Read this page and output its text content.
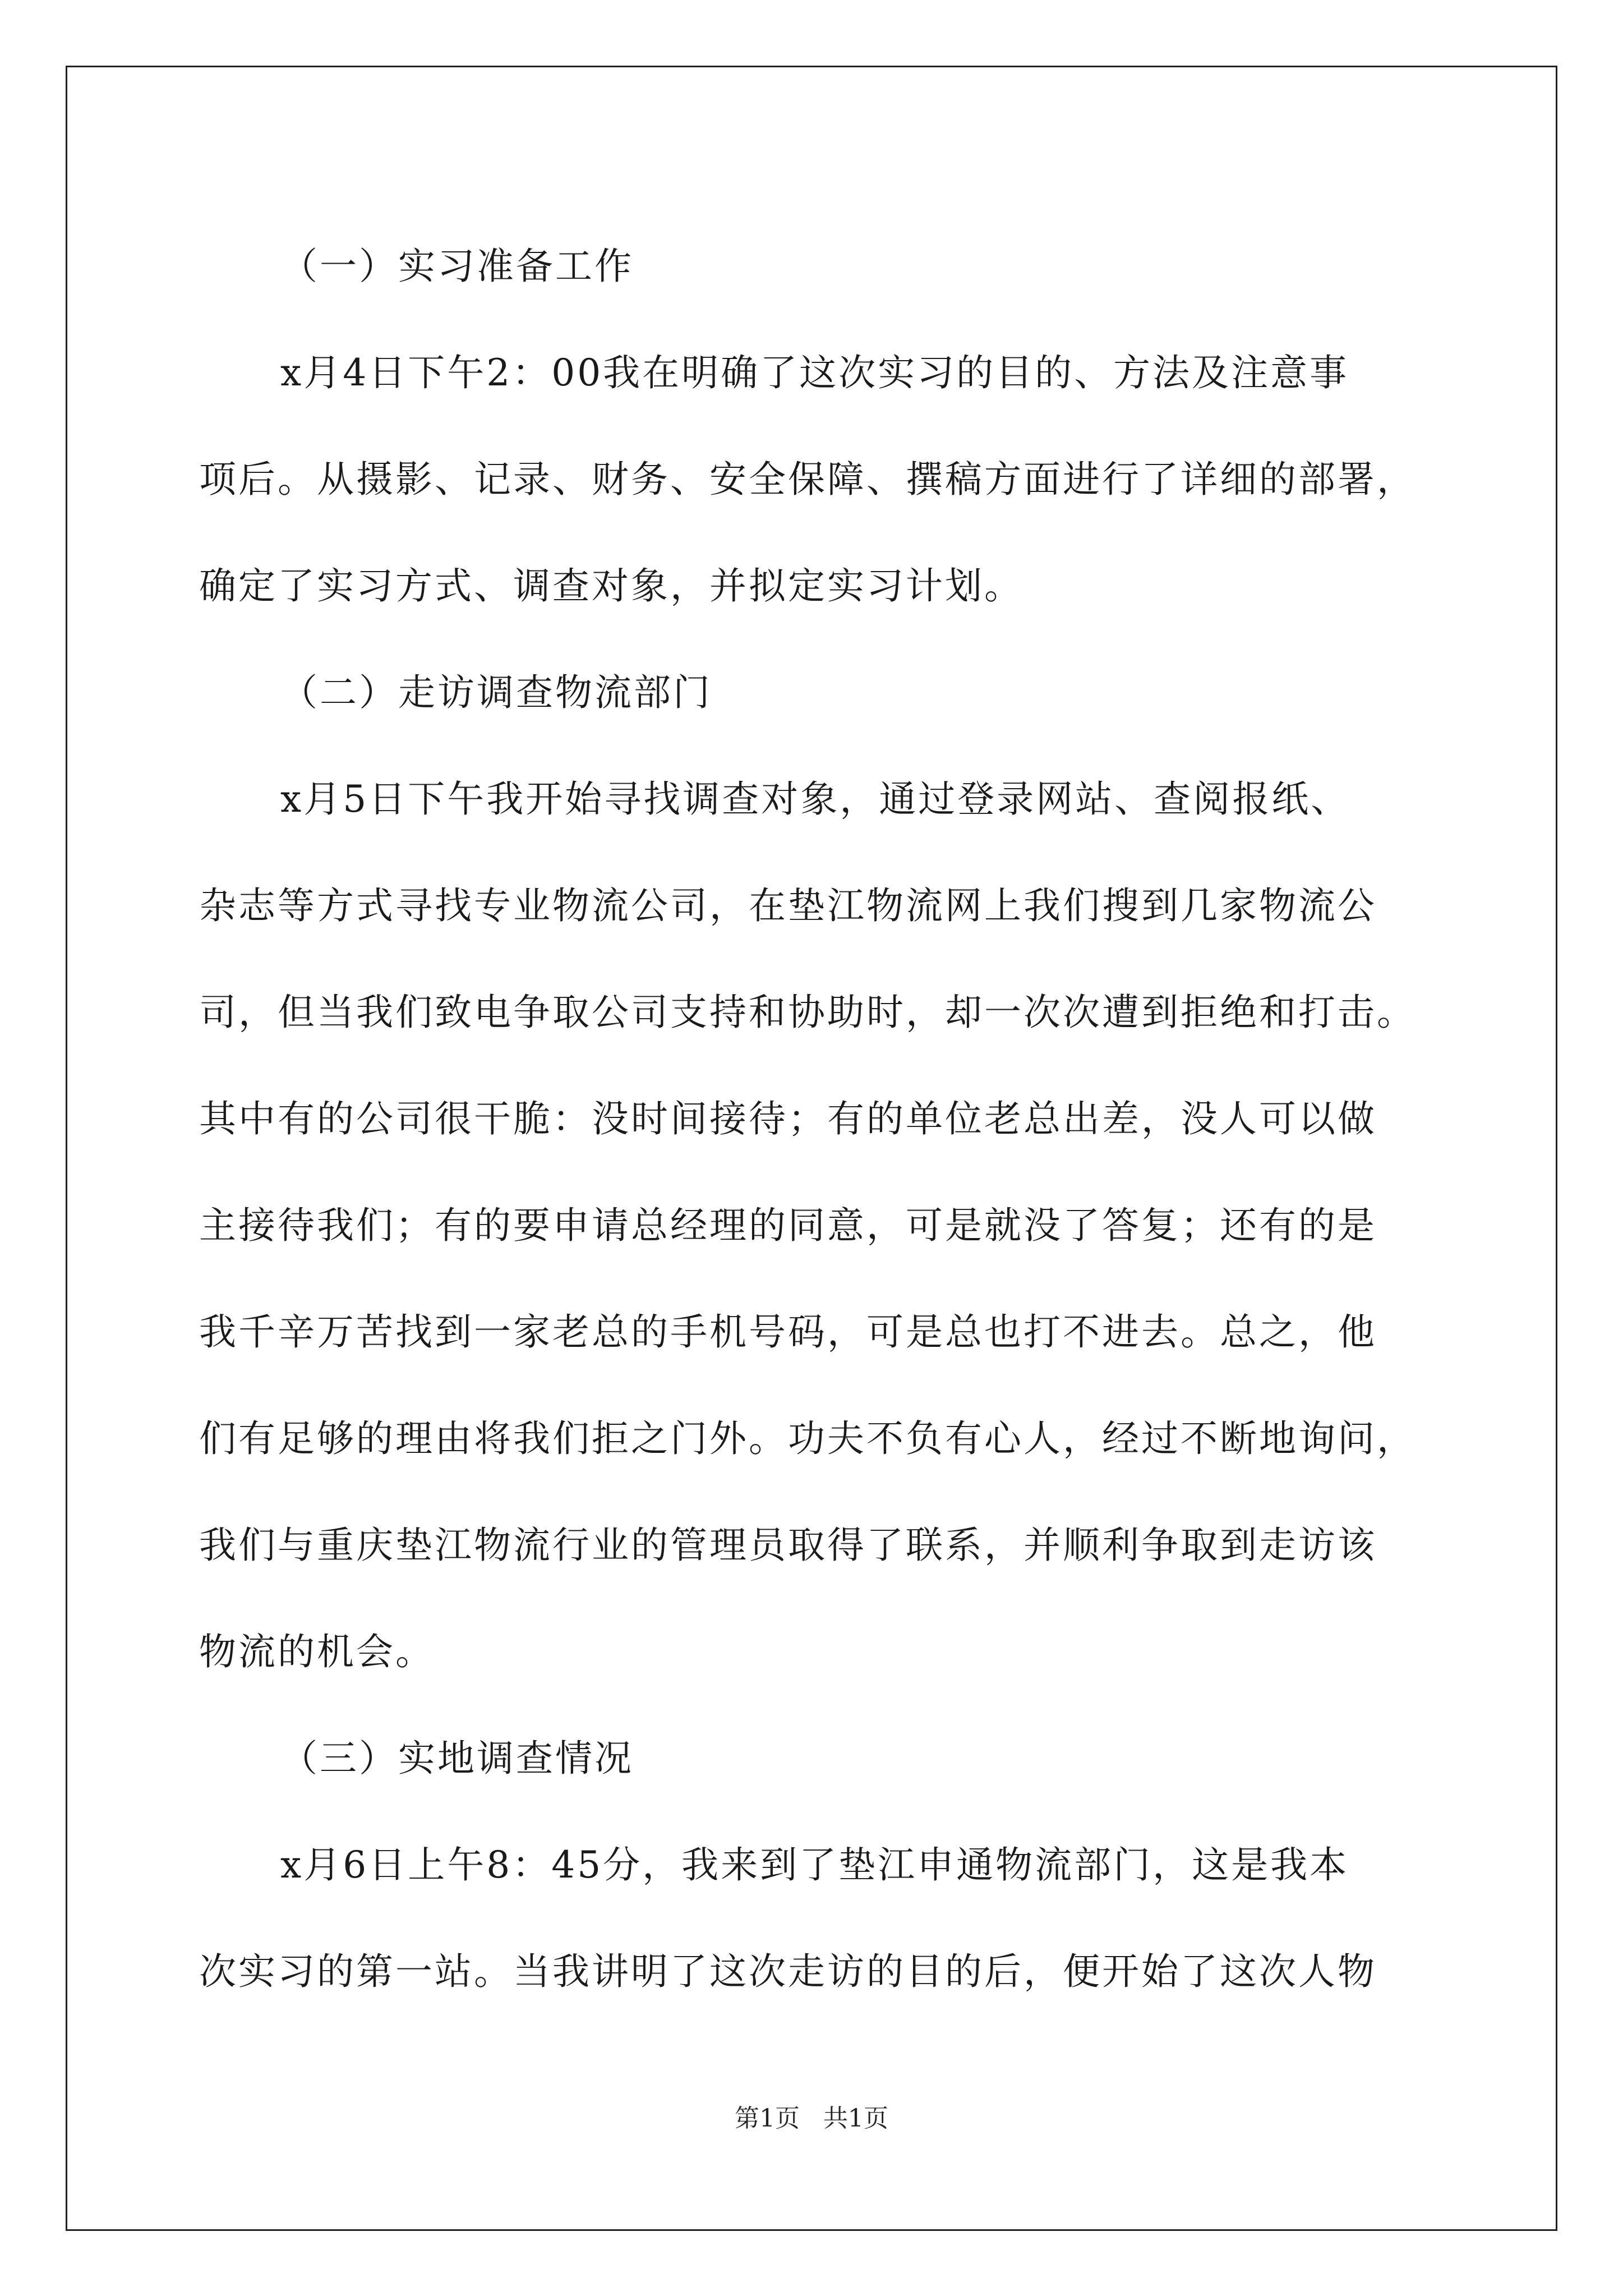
（一）实习准备工作
x月4日下午2：00我在明确了这次实习的目的、方法及注意事
项后。从摄影、记录、财务、安全保障、撰稿方面进行了详细的部署，
确定了实习方式、调查对象，并拟定实习计划。
（二）走访调查物流部门
x月5日下午我开始寻找调查对象，通过登录网站、查阅报纸、
杂志等方式寻找专业物流公司，在垫江物流网上我们搜到几家物流公
司，但当我们致电争取公司支持和协助时，却一次次遭到拒绝和打击。
其中有的公司很干脆：没时间接待；有的单位老总出差，没人可以做
主接待我们；有的要申请总经理的同意，可是就没了答复；还有的是
我千辛万苦找到一家老总的手机号码，可是总也打不进去。总之，他
们有足够的理由将我们拒之门外。功夫不负有心人，经过不断地询问，
我们与重庆垫江物流行业的管理员取得了联系，并顺利争取到走访该
物流的机会。
（三）实地调查情况
x月6日上午8：45分，我来到了垫江申通物流部门，这是我本
次实习的第一站。当我讲明了这次走访的目的后，便开始了这次人物
第1页 共1页
